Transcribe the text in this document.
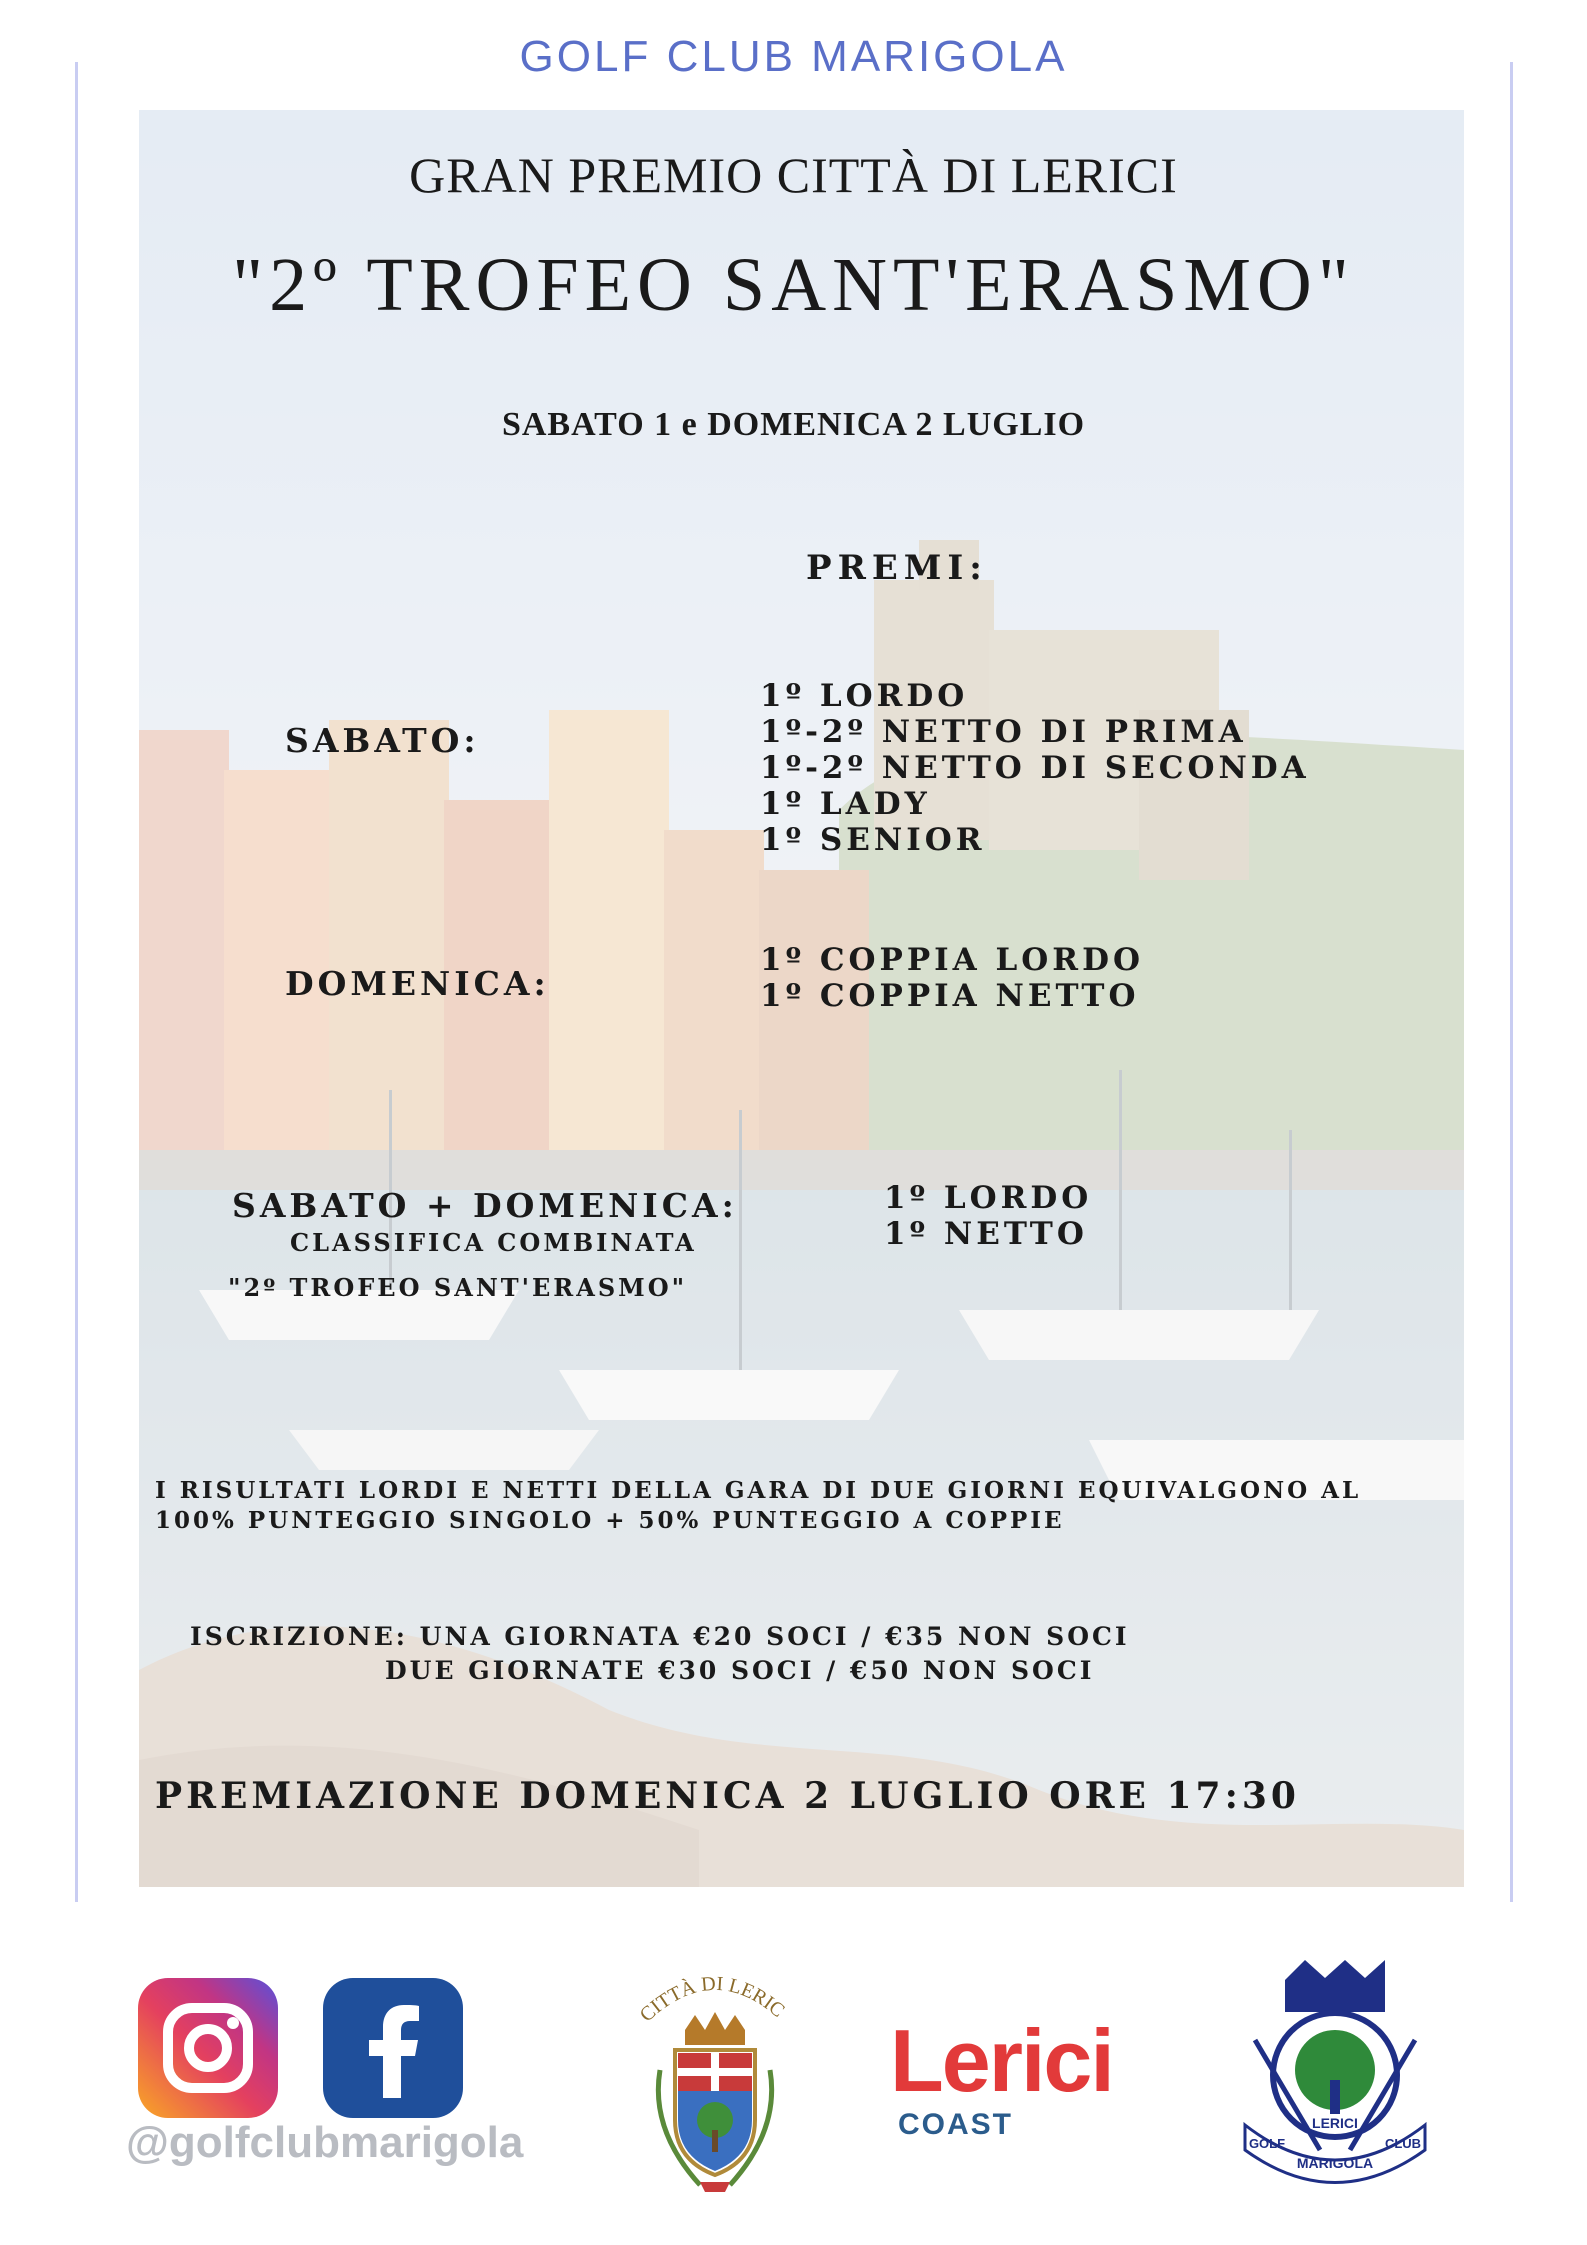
GOLF CLUB MARIGOLA
GRAN PREMIO CITTÀ DI LERICI
"2º TROFEO SANT'ERASMO"
SABATO 1 e DOMENICA 2 LUGLIO
PREMI:
SABATO:
1º LORDO
1º-2º NETTO DI PRIMA
1º-2º NETTO DI SECONDA
1º LADY
1º SENIOR
DOMENICA:
1º COPPIA LORDO
1º COPPIA NETTO
SABATO + DOMENICA:
CLASSIFICA COMBINATA
"2º TROFEO SANT'ERASMO"
1º LORDO
1º NETTO
I RISULTATI LORDI E NETTI DELLA GARA DI DUE GIORNI EQUIVALGONO AL
100% PUNTEGGIO SINGOLO + 50% PUNTEGGIO A COPPIE
ISCRIZIONE: UNA GIORNATA €20 SOCI / €35 NON SOCI
DUE GIORNATE €30 SOCI / €50 NON SOCI
PREMIAZIONE DOMENICA 2 LUGLIO ORE 17:30
@golfclubmarigola
CITTÀ DI LERIC
Lerici
COAST	LERICI
GOLF
MARIGOLA
CLUB
